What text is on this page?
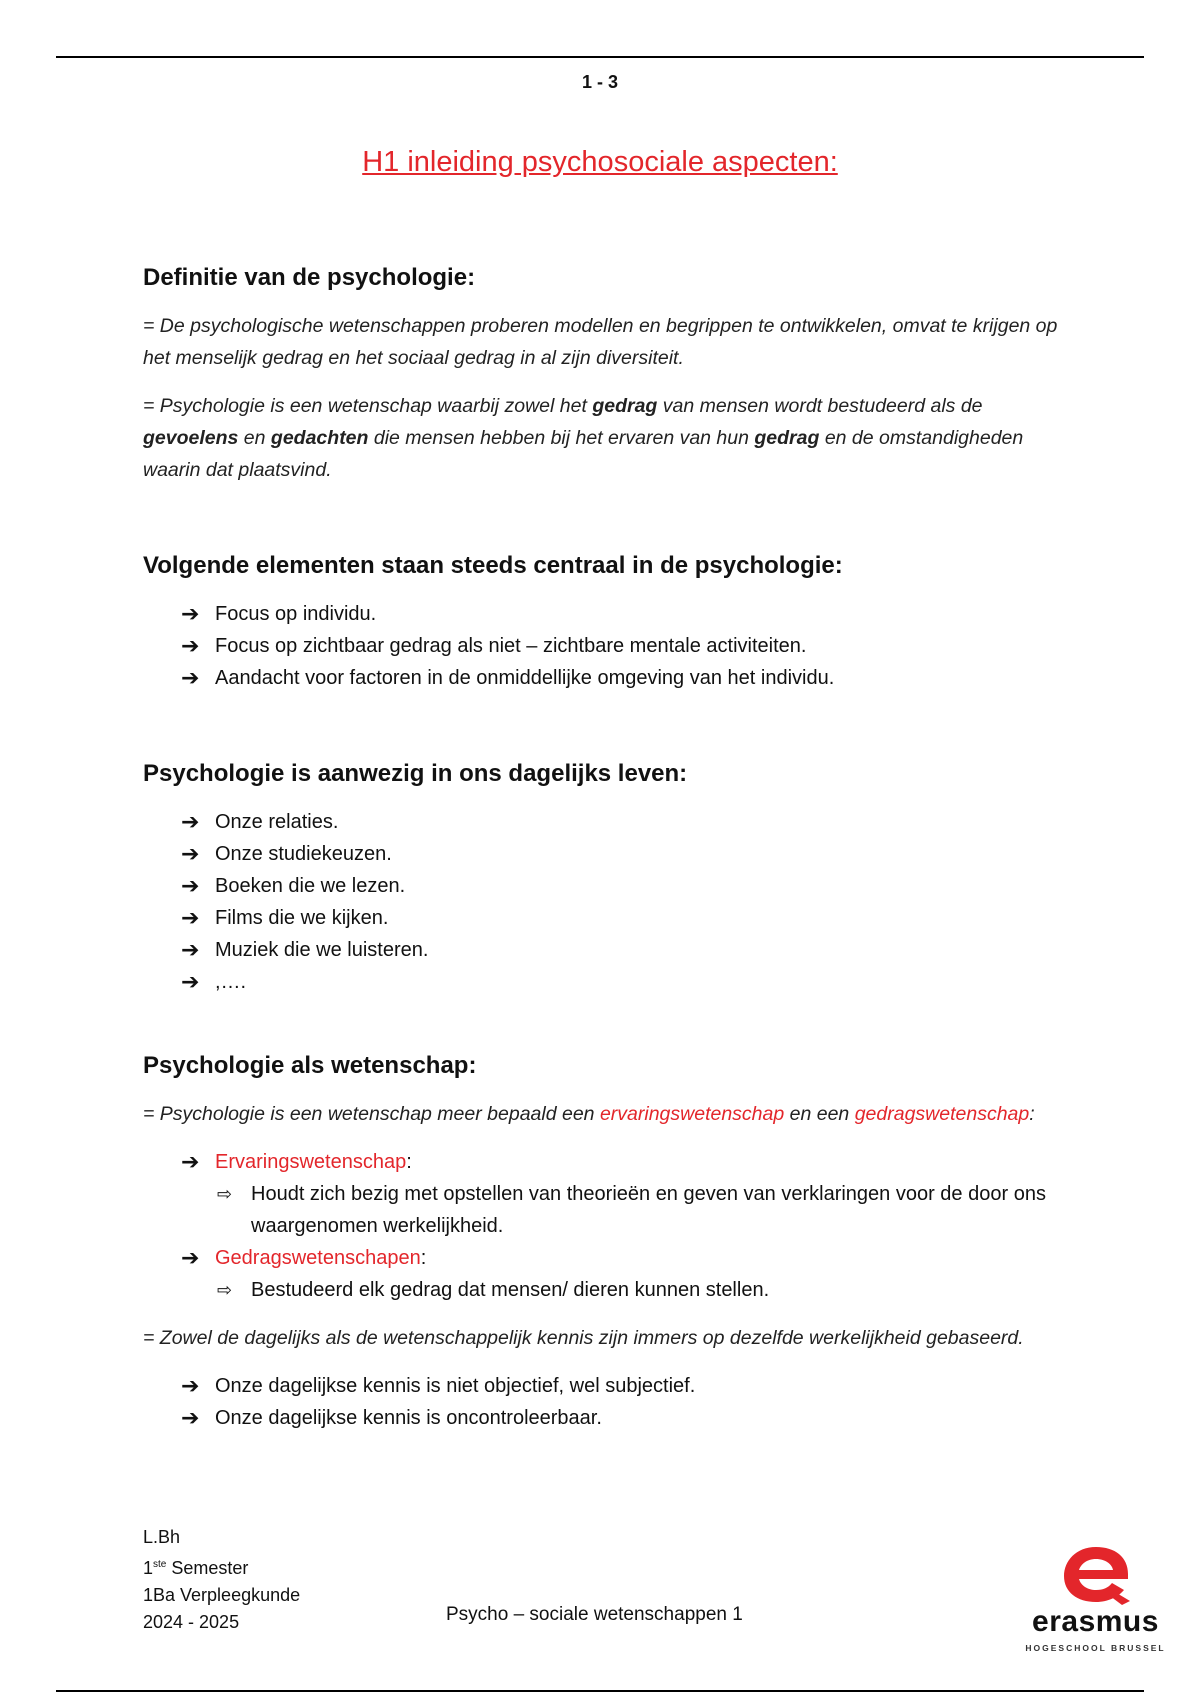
1 - 3
H1 inleiding psychosociale aspecten:
Definitie van de psychologie:

= De psychologische wetenschappen proberen modellen en begrippen te ontwikkelen, omvat te krijgen op het menselijk gedrag en het sociaal gedrag in al zijn diversiteit.

= Psychologie is een wetenschap waarbij zowel het gedrag van mensen wordt bestudeerd als de gevoelens en gedachten die mensen hebben bij het ervaren van hun gedrag en de omstandigheden waarin dat plaatsvind.

Volgende elementen staan steeds centraal in de psychologie:
➔ Focus op individu.
➔ Focus op zichtbaar gedrag als niet – zichtbare mentale activiteiten.
➔ Aandacht voor factoren in de onmiddellijke omgeving van het individu.
Psychologie is aanwezig in ons dagelijks leven:
➔ Onze relaties.
➔ Onze studiekeuzen.
➔ Boeken die we lezen.
➔ Films die we kijken.
➔ Muziek die we luisteren.
➔ ,….
Psychologie als wetenschap:

= Psychologie is een wetenschap meer bepaald een ervaringswetenschap en een gedragswetenschap:

➔ Ervaringswetenschap:
⇨ Houdt zich bezig met opstellen van theorieën en geven van verklaringen voor de door ons waargenomen werkelijkheid.
➔ Gedragswetenschapen:
⇨ Bestudeerd elk gedrag dat mensen/ dieren kunnen stellen.

= Zowel de dagelijks als de wetenschappelijk kennis zijn immers op dezelfde werkelijkheid gebaseerd.

➔ Onze dagelijkse kennis is niet objectief, wel subjectief.
➔ Onze dagelijkse kennis is oncontroleerbaar.
L.Bh
1ste Semester
1Ba Verpleegkunde
2024 - 2025	Psycho – sociale wetenschappen 1	erasmus
HOGESCHOOL BRUSSEL
